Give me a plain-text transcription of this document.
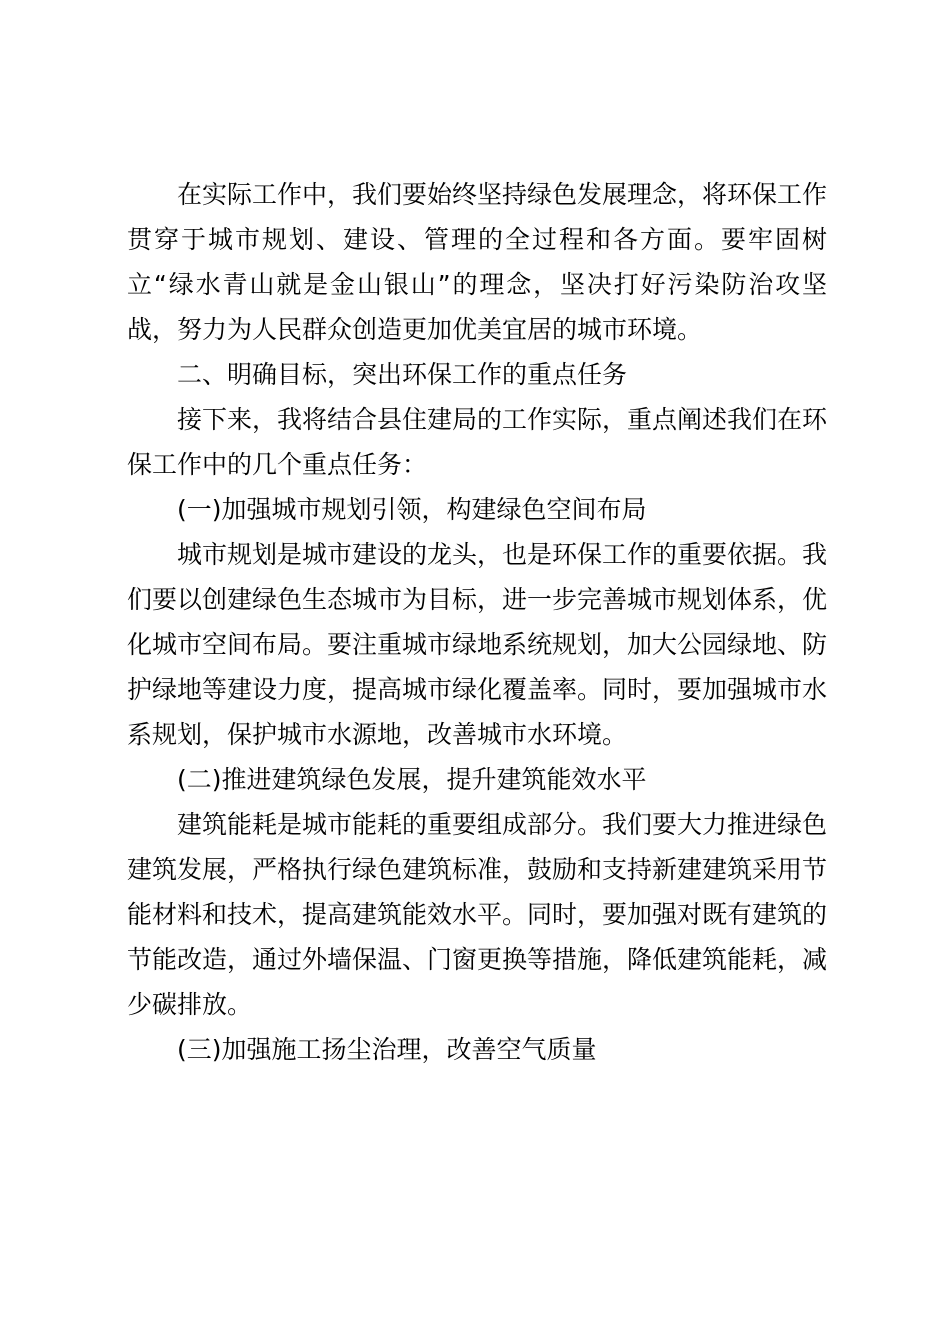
在实际工作中，我们要始终坚持绿色发展理念，将环保工作贯穿于城市规划、建设、管理的全过程和各方面。要牢固树立“绿水青山就是金山银山”的理念，坚决打好污染防治攻坚战，努力为人民群众创造更加优美宜居的城市环境。

二、明确目标，突出环保工作的重点任务

接下来，我将结合县住建局的工作实际，重点阐述我们在环保工作中的几个重点任务：

(一)加强城市规划引领，构建绿色空间布局

城市规划是城市建设的龙头，也是环保工作的重要依据。我们要以创建绿色生态城市为目标，进一步完善城市规划体系，优化城市空间布局。要注重城市绿地系统规划，加大公园绿地、防护绿地等建设力度，提高城市绿化覆盖率。同时，要加强城市水系规划，保护城市水源地，改善城市水环境。

(二)推进建筑绿色发展，提升建筑能效水平

建筑能耗是城市能耗的重要组成部分。我们要大力推进绿色建筑发展，严格执行绿色建筑标准，鼓励和支持新建建筑采用节能材料和技术，提高建筑能效水平。同时，要加强对既有建筑的节能改造，通过外墙保温、门窗更换等措施，降低建筑能耗，减少碳排放。

(三)加强施工扬尘治理，改善空气质量
